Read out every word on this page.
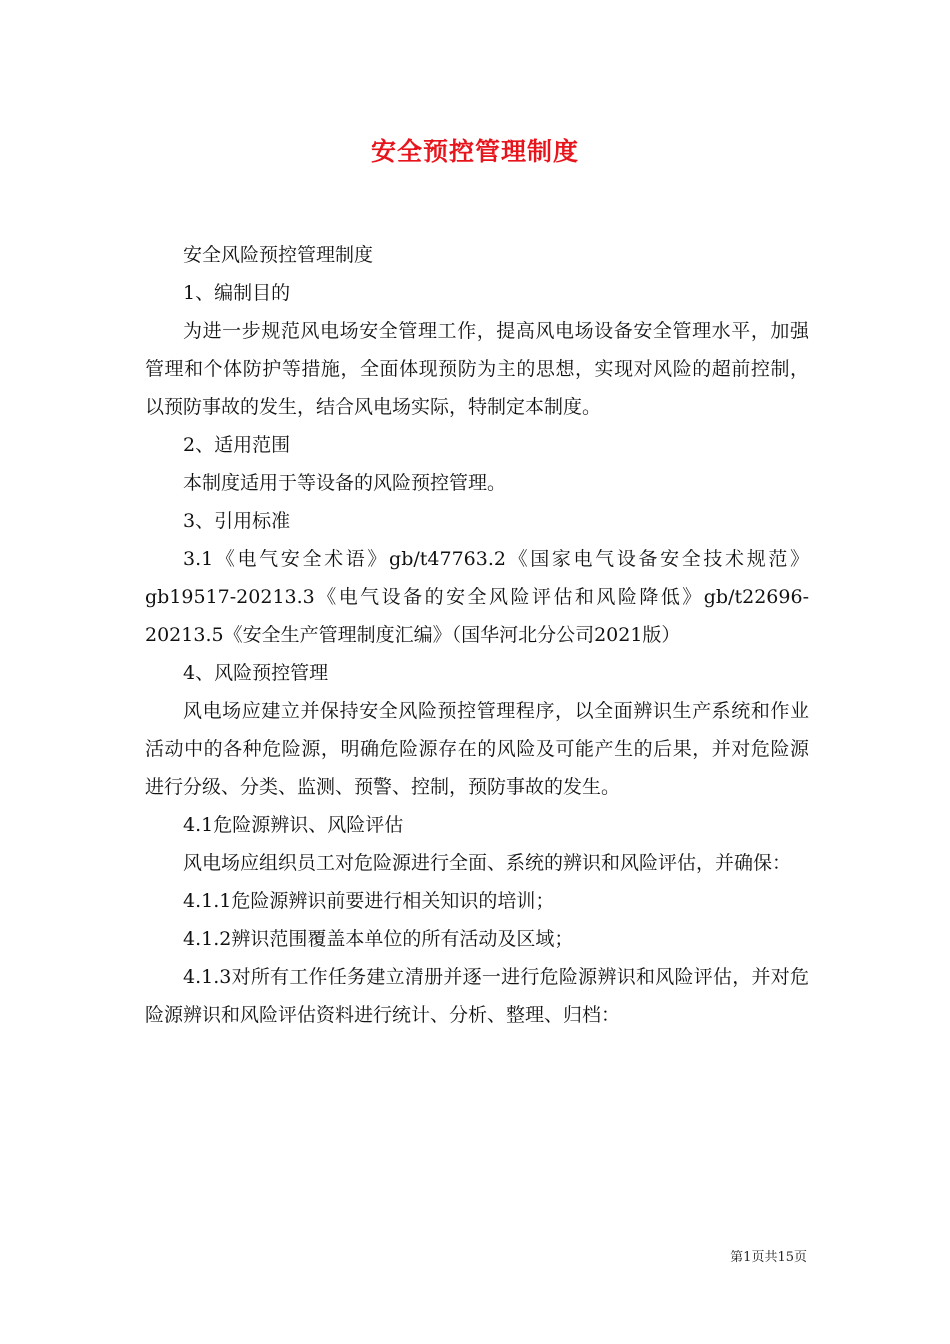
安全预控管理制度

安全风险预控管理制度

1、编制目的

为进一步规范风电场安全管理工作，提高风电场设备安全管理水平，加强管理和个体防护等措施，全面体现预防为主的思想，实现对风险的超前控制，以预防事故的发生，结合风电场实际，特制定本制度。

2、适用范围

本制度适用于等设备的风险预控管理。

3、引用标准

3.1《电气安全术语》gb/t47763.2《国家电气设备安全技术规范》gb19517-20213.3《电气设备的安全风险评估和风险降低》gb/t22696-20213.5《安全生产管理制度汇编》（国华河北分公司2021版）

4、风险预控管理

风电场应建立并保持安全风险预控管理程序，以全面辨识生产系统和作业活动中的各种危险源，明确危险源存在的风险及可能产生的后果，并对危险源进行分级、分类、监测、预警、控制，预防事故的发生。

4.1危险源辨识、风险评估

风电场应组织员工对危险源进行全面、系统的辨识和风险评估，并确保：

4.1.1危险源辨识前要进行相关知识的培训；

4.1.2辨识范围覆盖本单位的所有活动及区域；

4.1.3对所有工作任务建立清册并逐一进行危险源辨识和风险评估，并对危险源辨识和风险评估资料进行统计、分析、整理、归档：

第1页共15页
